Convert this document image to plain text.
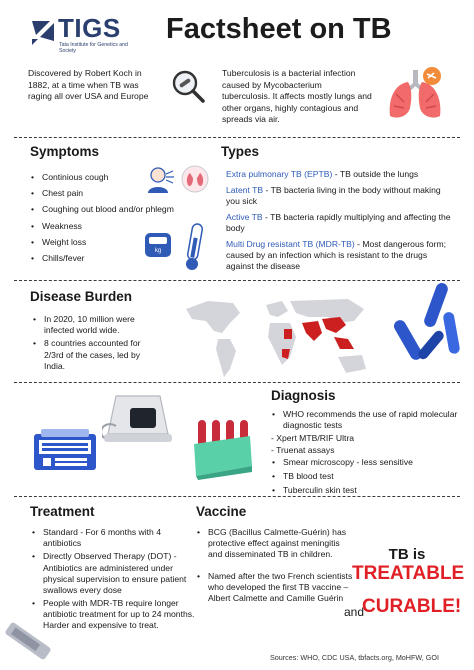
TIGS
Tata Institute for Genetics and Society
Factsheet on TB
Discovered by Robert Koch in 1882, at a time when TB was raging all over USA and Europe
Tuberculosis is a bacterial infection caused by Mycobacterium tuberculosis. It affects mostly lungs and other organs, highly contagious and spreads via air.
Symptoms
• Continious cough
• Chest pain
• Coughing out blood and/or phlegm
• Weakness
• Weight loss
• Chills/fever
kg
Types
Extra pulmonary TB (EPTB) - TB outside the lungs
Latent TB - TB bacteria living in the body without making you sick
Active TB - TB bacteria rapidly multiplying and affecting the body
Multi Drug resistant TB (MDR-TB) - Most dangerous form; caused by an infection which is resistant to the drugs against the disease
Disease Burden
• In 2020, 10 million were infected world wide.
• 8 countries accounted for 2/3rd of the cases, led by India.
Diagnosis
• WHO recommends the use of rapid molecular diagnostic tests
- Xpert MTB/RIF Ultra
- Truenat assays
• Smear microscopy - less sensitive
• TB blood test
• Tuberculin skin test
Treatment
• Standard - For 6 months with 4 antibiotics
• Directly Observed Therapy (DOT) - Antibiotics are administered under physical supervision to ensure patient swallows every dose
• People with MDR-TB require longer antibiotic treatment for up to 24 months. Harder and expensive to treat.
Vaccine
• BCG (Bacillus Calmette-Guérin) has protective effect against meningitis and disseminated TB in children.
• Named after the two French scientists who developed the first TB vaccine – Albert Calmette and Camille Guérin
TB is
TREATABLE
and
CURABLE!
Sources: WHO, CDC USA, tbfacts.org, MoHFW, GOI
